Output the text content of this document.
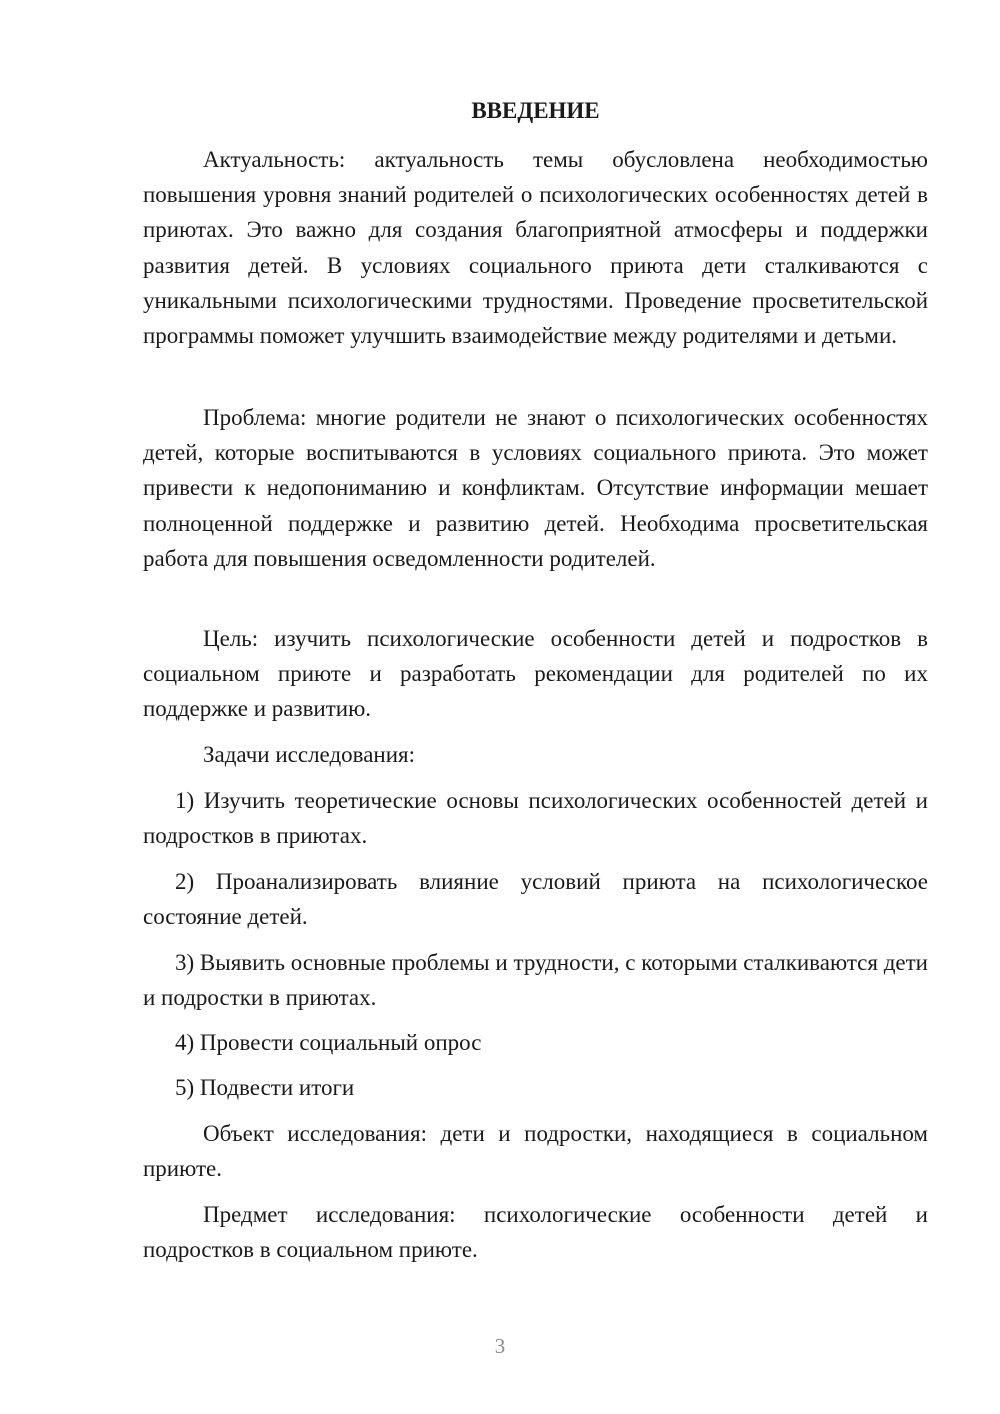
ВВЕДЕНИЕ

Актуальность: актуальность темы обусловлена необходимостью повышения уровня знаний родителей о психологических особенностях детей в приютах. Это важно для создания благоприятной атмосферы и поддержки развития детей. В условиях социального приюта дети сталкиваются с уникальными психологическими трудностями. Проведение просветительской программы поможет улучшить взаимодействие между родителями и детьми.

Проблема: многие родители не знают о психологических особенностях детей, которые воспитываются в условиях социального приюта. Это может привести к недопониманию и конфликтам. Отсутствие информации мешает полноценной поддержке и развитию детей. Необходима просветительская работа для повышения осведомленности родителей.

Цель: изучить психологические особенности детей и подростков в социальном приюте и разработать рекомендации для родителей по их поддержке и развитию.

Задачи исследования:

1) Изучить теоретические основы психологических особенностей детей и подростков в приютах.

2) Проанализировать влияние условий приюта на психологическое состояние детей.

3) Выявить основные проблемы и трудности, с которыми сталкиваются дети и подростки в приютах.

4) Провести социальный опрос

5) Подвести итоги

Объект исследования: дети и подростки, находящиеся в социальном приюте.

Предмет исследования: психологические особенности детей и подростков в социальном приюте.

3
